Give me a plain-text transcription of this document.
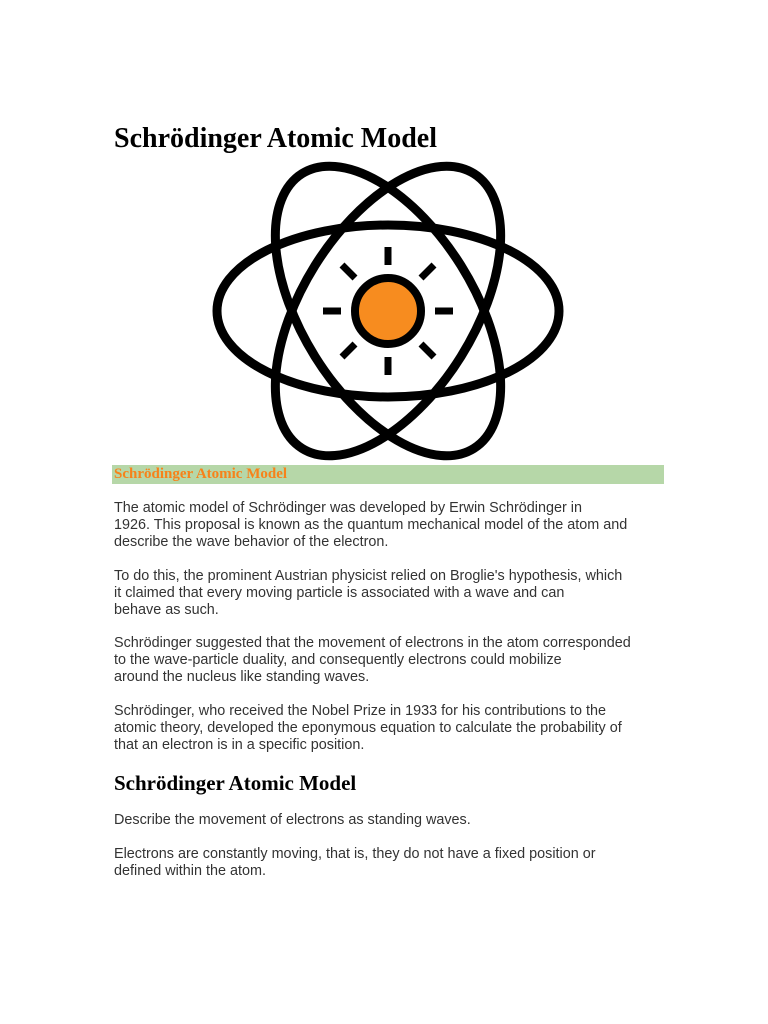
Schrödinger Atomic Model
Schrödinger Atomic Model

The atomic model of Schrödinger was developed by Erwin Schrödinger in
1926. This proposal is known as the quantum mechanical model of the atom and
describe the wave behavior of the electron.

To do this, the prominent Austrian physicist relied on Broglie's hypothesis, which
it claimed that every moving particle is associated with a wave and can
behave as such.

Schrödinger suggested that the movement of electrons in the atom corresponded
to the wave-particle duality, and consequently electrons could mobilize
around the nucleus like standing waves.

Schrödinger, who received the Nobel Prize in 1933 for his contributions to the
atomic theory, developed the eponymous equation to calculate the probability of
that an electron is in a specific position.

Schrödinger Atomic Model

Describe the movement of electrons as standing waves.

Electrons are constantly moving, that is, they do not have a fixed position or
defined within the atom.
